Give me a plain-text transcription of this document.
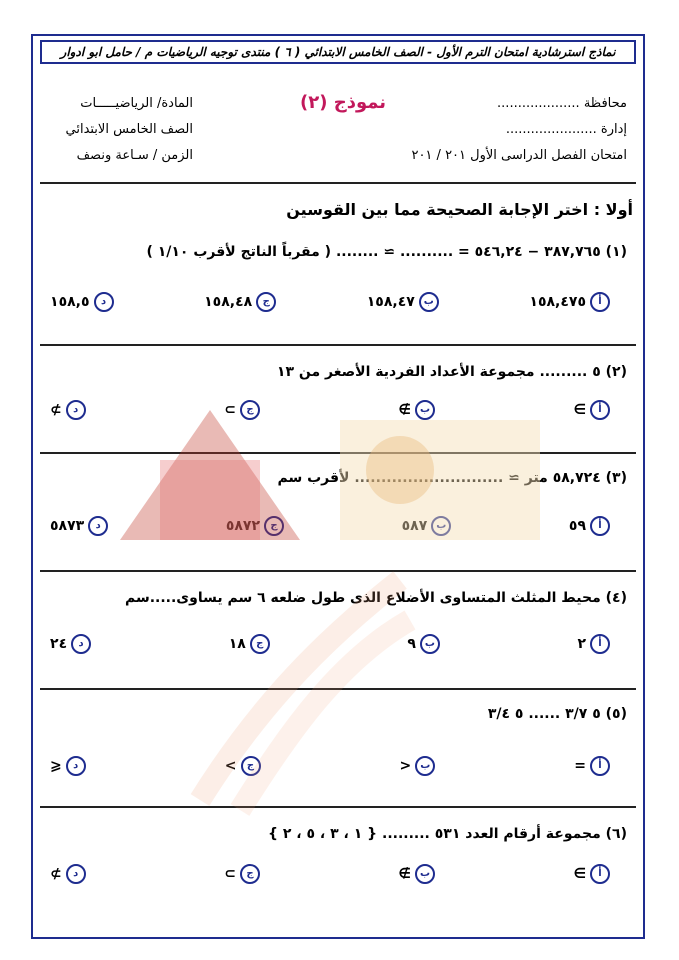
نماذج استرشادية امتحان الترم الأول - الصف الخامس الابتدائي ( ٦ ) منتدى توجيه الرياضيات م / حامل ابو ادوار
المادة/ الرياضيـــــات
الصف الخامس الابتدائي
الزمن / سـاعة ونصف
نموذج (٢)	محافظة ....................
إدارة ......................
امتحان الفصل الدراسى الأول ٢٠١ / ٢٠١
أولا : اختر الإجابة الصحيحة مما بين القوسين
(١) ٣٨٧,٧٦٥ − ٥٤٦,٢٤ = .......... ≃ ........ ( مقرباً الناتج لأقرب ١/١٠ )
أ
١٥٨,٤٧٥
ب
١٥٨,٤٧
ج
١٥٨,٤٨
د
١٥٨,٥
(٢) ٥ ......... مجموعة الأعداد الفردية الأصغر من ١٣
أ
∋
ب
∌
ج
⊃
د
⊅
(٣) ٥٨,٧٢٤ متر ≃ ............................ لأقرب سم
أ
٥٩
ب
٥٨٧
ج
٥٨٧٢
د
٥٨٧٣
(٤) محيط المثلث المتساوى الأضلاع الذى طول ضلعه ٦ سم يساوى.....سم
أ
٢
ب
٩
ج
١٨
د
٢٤
(٥) ٥ ٣/٧ ...... ٥ ٣/٤
أ
=
ب
<
ج
>
د
⩽
(٦) مجموعة أرقام العدد ٥٣١ ......... { ١ ، ٣ ، ٥ ، ٢ }
أ
∋
ب
∌
ج
⊃
د
⊅
